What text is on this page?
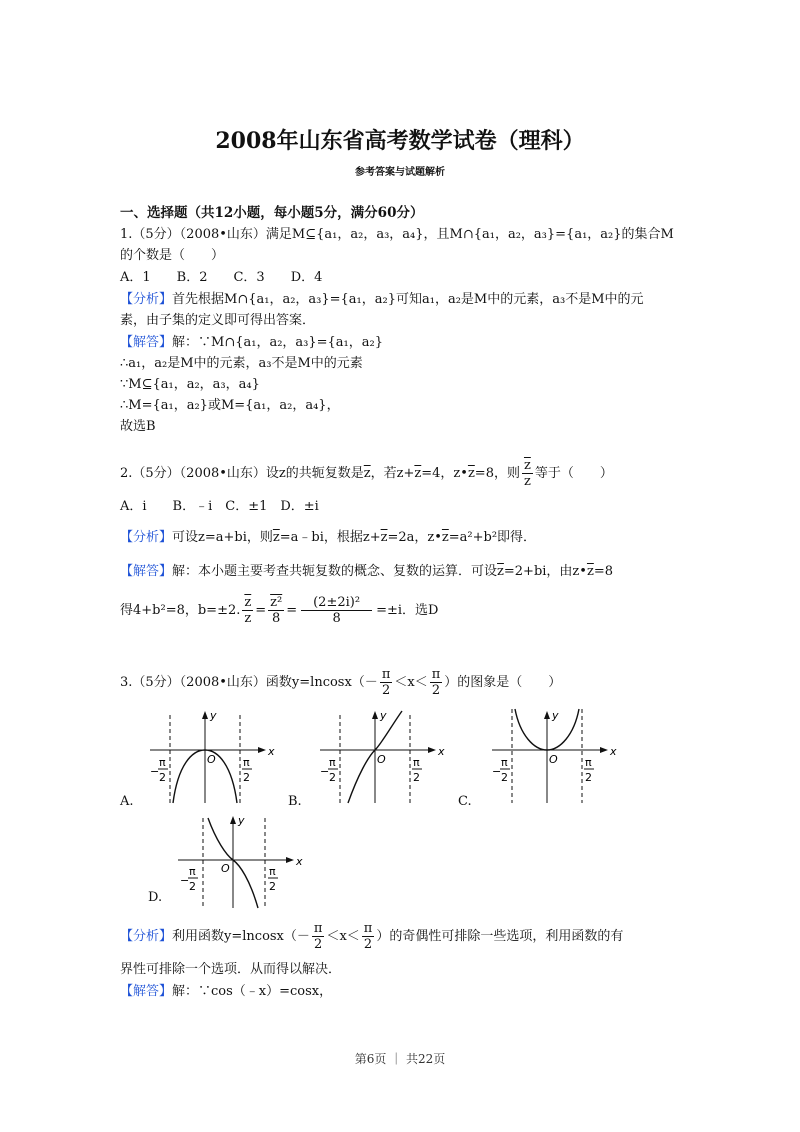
2008年山东省高考数学试卷（理科）
参考答案与试题解析
一、选择题（共12小题，每小题5分，满分60分）
1.（5分）（2008•山东）满足M⊆{a₁，a₂，a₃，a₄}，且M∩{a₁，a₂，a₃}={a₁，a₂}的集合M
的个数是（　　）
A．1　　B．2　　C．3　　D．4
【分析】首先根据M∩{a₁，a₂，a₃}={a₁，a₂}可知a₁，a₂是M中的元素，a₃不是M中的元
素，由子集的定义即可得出答案．
【解答】解：∵M∩{a₁，a₂，a₃}={a₁，a₂}
∴a₁，a₂是M中的元素，a₃不是M中的元素
∵M⊆{a₁，a₂，a₃，a₄}
∴M={a₁，a₂}或M={a₁，a₂，a₄}，
故选B
2.（5分）（2008•山东）设z的共轭复数是$\overline{z}$，若$z+\overline{z}=4$，$z•\overline{z}=8$，则 $\frac{\overline{z}}{z}$ 等于（　　）
A．i　　B．﹣i　C．±1　D．±i
【分析】可设z=a+bi，则$\overline{z}=a﹣bi$，根据$z+\overline{z}=2a$，$z•\overline{z}=a^2+b^2$即得．
【解答】解：本小题主要考查共轭复数的概念、复数的运算．可设$\overline{z}=2+bi$，由$z•\overline{z}=8$
得4+b²=8，b=±2. $\frac{\overline{z}}{z} = \frac{\text{z²}}{8} = \frac{\text{(2±2i)²}}{8} =\pm i$．选D
3.（5分）（2008•山东）函数$y=lncosx(- \frac{\pi}{2} <x< \frac{\pi}{2}$ ）的图象是（　　）
A.
y
x
O
−
π
2
π
2
B.
y
x
O
−
π
2
π
2
C.
y
x
O
−
π
2
π
2
D.
y
x
O
−
π
2
π
2
【分析】利用函数$y=lncosx(- \frac{\pi}{2} <x< \frac{\pi}{2}$ ）的奇偶性可排除一些选项，利用函数的有
界性可排除一个选项．从而得以解决．
【解答】解：∵cos（﹣x）=cosx，
第6页 ｜ 共22页
